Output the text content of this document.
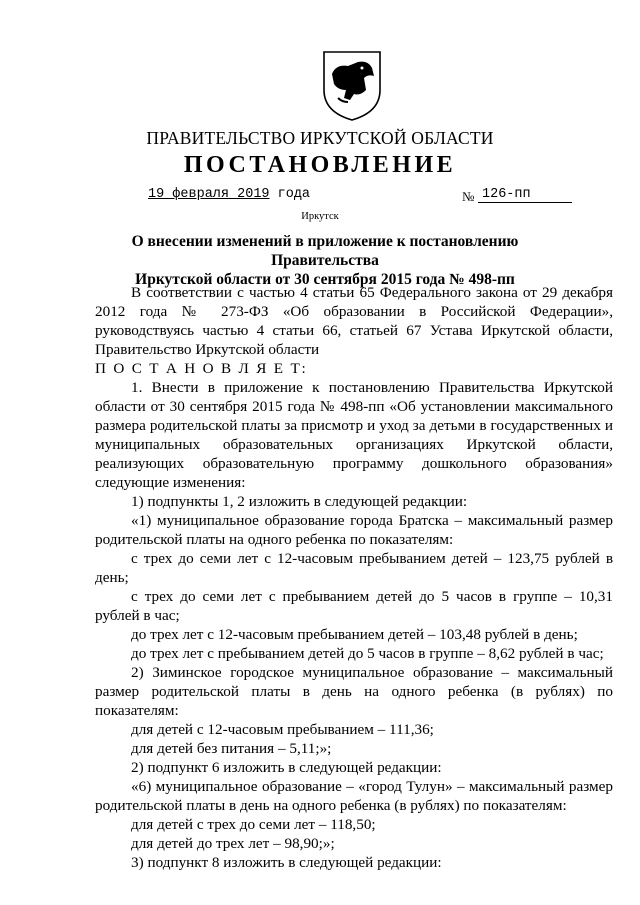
ПРАВИТЕЛЬСТВО ИРКУТСКОЙ ОБЛАСТИ
ПОСТАНОВЛЕНИЕ
19 февраля 2019 года	№ 126-пп
Иркутск
О внесении изменений в приложение к постановлению Правительства
Иркутской области от 30 сентября 2015 года № 498-пп

В соответствии с частью 4 статьи 65 Федерального закона от 29 декабря 2012 года № 273-ФЗ «Об образовании в Российской Федерации», руководствуясь частью 4 статьи 66, статьей 67 Устава Иркутской области, Правительство Иркутской области

П О С Т А Н О В Л Я Е Т:

1. Внести в приложение к постановлению Правительства Иркутской области от 30 сентября 2015 года № 498-пп «Об установлении максимального размера родительской платы за присмотр и уход за детьми в государственных и муниципальных образовательных организациях Иркутской области, реализующих образовательную программу дошкольного образования» следующие изменения:

1) подпункты 1, 2 изложить в следующей редакции:

«1) муниципальное образование города Братска – максимальный размер родительской платы на одного ребенка по показателям:

с трех до семи лет с 12-часовым пребыванием детей – 123,75 рублей в день;

с трех до семи лет с пребыванием детей до 5 часов в группе – 10,31 рублей в час;

до трех лет с 12-часовым пребыванием детей – 103,48 рублей в день;

до трех лет с пребыванием детей до 5 часов в группе – 8,62 рублей в час;

2) Зиминское городское муниципальное образование – максимальный размер родительской платы в день на одного ребенка (в рублях) по показателям:

для детей с 12-часовым пребыванием – 111,36;

для детей без питания – 5,11;»;

2) подпункт 6 изложить в следующей редакции:

«6) муниципальное образование – «город Тулун» – максимальный размер родительской платы в день на одного ребенка (в рублях) по показателям:

для детей с трех до семи лет – 118,50;

для детей до трех лет – 98,90;»;

3) подпункт 8 изложить в следующей редакции:
